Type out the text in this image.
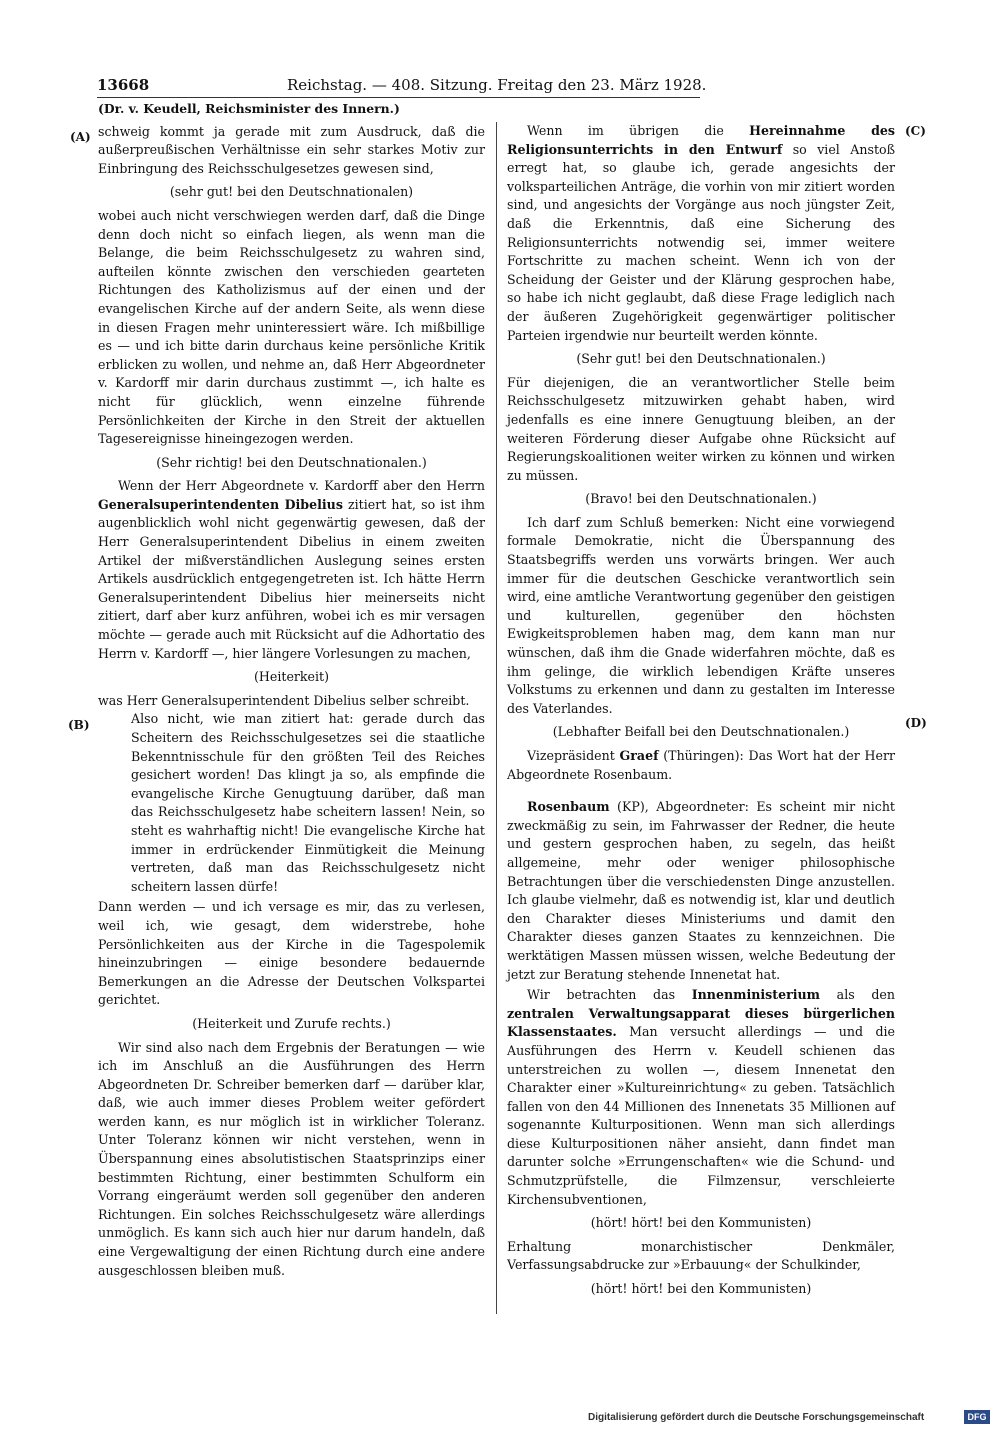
13668	Reichstag. — 408. Sitzung. Freitag den 23. März 1928.
(A)
(B)
(C)
(D)
(Dr. v. Keudell, Reichsminister des Innern.)

schweig kommt ja gerade mit zum Ausdruck, daß die außerpreußischen Verhältnisse ein sehr starkes Motiv zur Einbringung des Reichsschulgesetzes gewesen sind,

(sehr gut! bei den Deutschnationalen)

wobei auch nicht verschwiegen werden darf, daß die Dinge denn doch nicht so einfach liegen, als wenn man die Belange, die beim Reichsschulgesetz zu wahren sind, aufteilen könnte zwischen den verschieden gearteten Richtungen des Katholizismus auf der einen und der evangelischen Kirche auf der andern Seite, als wenn diese in diesen Fragen mehr uninteressiert wäre. Ich mißbillige es — und ich bitte darin durchaus keine persönliche Kritik erblicken zu wollen, und nehme an, daß Herr Abgeordneter v. Kardorff mir darin durchaus zustimmt —, ich halte es nicht für glücklich, wenn einzelne führende Persönlichkeiten der Kirche in den Streit der aktuellen Tagesereignisse hineingezogen werden.

(Sehr richtig! bei den Deutschnationalen.)

Wenn der Herr Abgeordnete v. Kardorff aber den Herrn Generalsuperintendenten Dibelius zitiert hat, so ist ihm augenblicklich wohl nicht gegenwärtig gewesen, daß der Herr Generalsuperintendent Dibelius in einem zweiten Artikel der mißverständlichen Auslegung seines ersten Artikels ausdrücklich entgegengetreten ist. Ich hätte Herrn Generalsuperintendent Dibelius hier meinerseits nicht zitiert, darf aber kurz anführen, wobei ich es mir versagen möchte — gerade auch mit Rücksicht auf die Adhortatio des Herrn v. Kardorff —, hier längere Vorlesungen zu machen,

(Heiterkeit)

was Herr Generalsuperintendent Dibelius selber schreibt.

Also nicht, wie man zitiert hat: gerade durch das Scheitern des Reichsschulgesetzes sei die staatliche Bekenntnisschule für den größten Teil des Reiches gesichert worden! Das klingt ja so, als empfinde die evangelische Kirche Genugtuung darüber, daß man das Reichsschulgesetz habe scheitern lassen! Nein, so steht es wahrhaftig nicht! Die evangelische Kirche hat immer in erdrückender Einmütigkeit die Meinung vertreten, daß man das Reichsschulgesetz nicht scheitern lassen dürfe!

Dann werden — und ich versage es mir, das zu verlesen, weil ich, wie gesagt, dem widerstrebe, hohe Persönlichkeiten aus der Kirche in die Tagespolemik hineinzubringen — einige besondere bedauernde Bemerkungen an die Adresse der Deutschen Volkspartei gerichtet.

(Heiterkeit und Zurufe rechts.)

Wir sind also nach dem Ergebnis der Beratungen — wie ich im Anschluß an die Ausführungen des Herrn Abgeordneten Dr. Schreiber bemerken darf — darüber klar, daß, wie auch immer dieses Problem weiter gefördert werden kann, es nur möglich ist in wirklicher Toleranz. Unter Toleranz können wir nicht verstehen, wenn in Überspannung eines absolutistischen Staatsprinzips einer bestimmten Richtung, einer bestimmten Schulform ein Vorrang eingeräumt werden soll gegenüber den anderen Richtungen. Ein solches Reichsschulgesetz wäre allerdings unmöglich. Es kann sich auch hier nur darum handeln, daß eine Vergewaltigung der einen Richtung durch eine andere ausgeschlossen bleiben muß.

Wenn im übrigen die Hereinnahme des Religionsunterrichts in den Entwurf so viel Anstoß erregt hat, so glaube ich, gerade angesichts der volksparteilichen Anträge, die vorhin von mir zitiert worden sind, und angesichts der Vorgänge aus noch jüngster Zeit, daß die Erkenntnis, daß eine Sicherung des Religionsunterrichts notwendig sei, immer weitere Fortschritte zu machen scheint. Wenn ich von der Scheidung der Geister und der Klärung gesprochen habe, so habe ich nicht geglaubt, daß diese Frage lediglich nach der äußeren Zugehörigkeit gegenwärtiger politischer Parteien irgendwie nur beurteilt werden könnte.

(Sehr gut! bei den Deutschnationalen.)

Für diejenigen, die an verantwortlicher Stelle beim Reichsschulgesetz mitzuwirken gehabt haben, wird jedenfalls es eine innere Genugtuung bleiben, an der weiteren Förderung dieser Aufgabe ohne Rücksicht auf Regierungskoalitionen weiter wirken zu können und wirken zu müssen.

(Bravo! bei den Deutschnationalen.)

Ich darf zum Schluß bemerken: Nicht eine vorwiegend formale Demokratie, nicht die Überspannung des Staatsbegriffs werden uns vorwärts bringen. Wer auch immer für die deutschen Geschicke verantwortlich sein wird, eine amtliche Verantwortung gegenüber den geistigen und kulturellen, gegenüber den höchsten Ewigkeitsproblemen haben mag, dem kann man nur wünschen, daß ihm die Gnade widerfahren möchte, daß es ihm gelinge, die wirklich lebendigen Kräfte unseres Volkstums zu erkennen und dann zu gestalten im Interesse des Vaterlandes.

(Lebhafter Beifall bei den Deutschnationalen.)

Vizepräsident Graef (Thüringen): Das Wort hat der Herr Abgeordnete Rosenbaum.

Rosenbaum (KP), Abgeordneter: Es scheint mir nicht zweckmäßig zu sein, im Fahrwasser der Redner, die heute und gestern gesprochen haben, zu segeln, das heißt allgemeine, mehr oder weniger philosophische Betrachtungen über die verschiedensten Dinge anzustellen. Ich glaube vielmehr, daß es notwendig ist, klar und deutlich den Charakter dieses Ministeriums und damit den Charakter dieses ganzen Staates zu kennzeichnen. Die werktätigen Massen müssen wissen, welche Bedeutung der jetzt zur Beratung stehende Innenetat hat.

Wir betrachten das Innenministerium als den zentralen Verwaltungsapparat dieses bürgerlichen Klassenstaates. Man versucht allerdings — und die Ausführungen des Herrn v. Keudell schienen das unterstreichen zu wollen —, diesem Innenetat den Charakter einer »Kultureinrichtung« zu geben. Tatsächlich fallen von den 44 Millionen des Innenetats 35 Millionen auf sogenannte Kulturpositionen. Wenn man sich allerdings diese Kulturpositionen näher ansieht, dann findet man darunter solche »Errungenschaften« wie die Schund- und Schmutzprüfstelle, die Filmzensur, verschleierte Kirchensubventionen,

(hört! hört! bei den Kommunisten)

Erhaltung monarchistischer Denkmäler, Verfassungsabdrucke zur »Erbauung« der Schulkinder,

(hört! hört! bei den Kommunisten)

Digitalisierung gefördert durch die Deutsche Forschungsgemeinschaft	DFG
